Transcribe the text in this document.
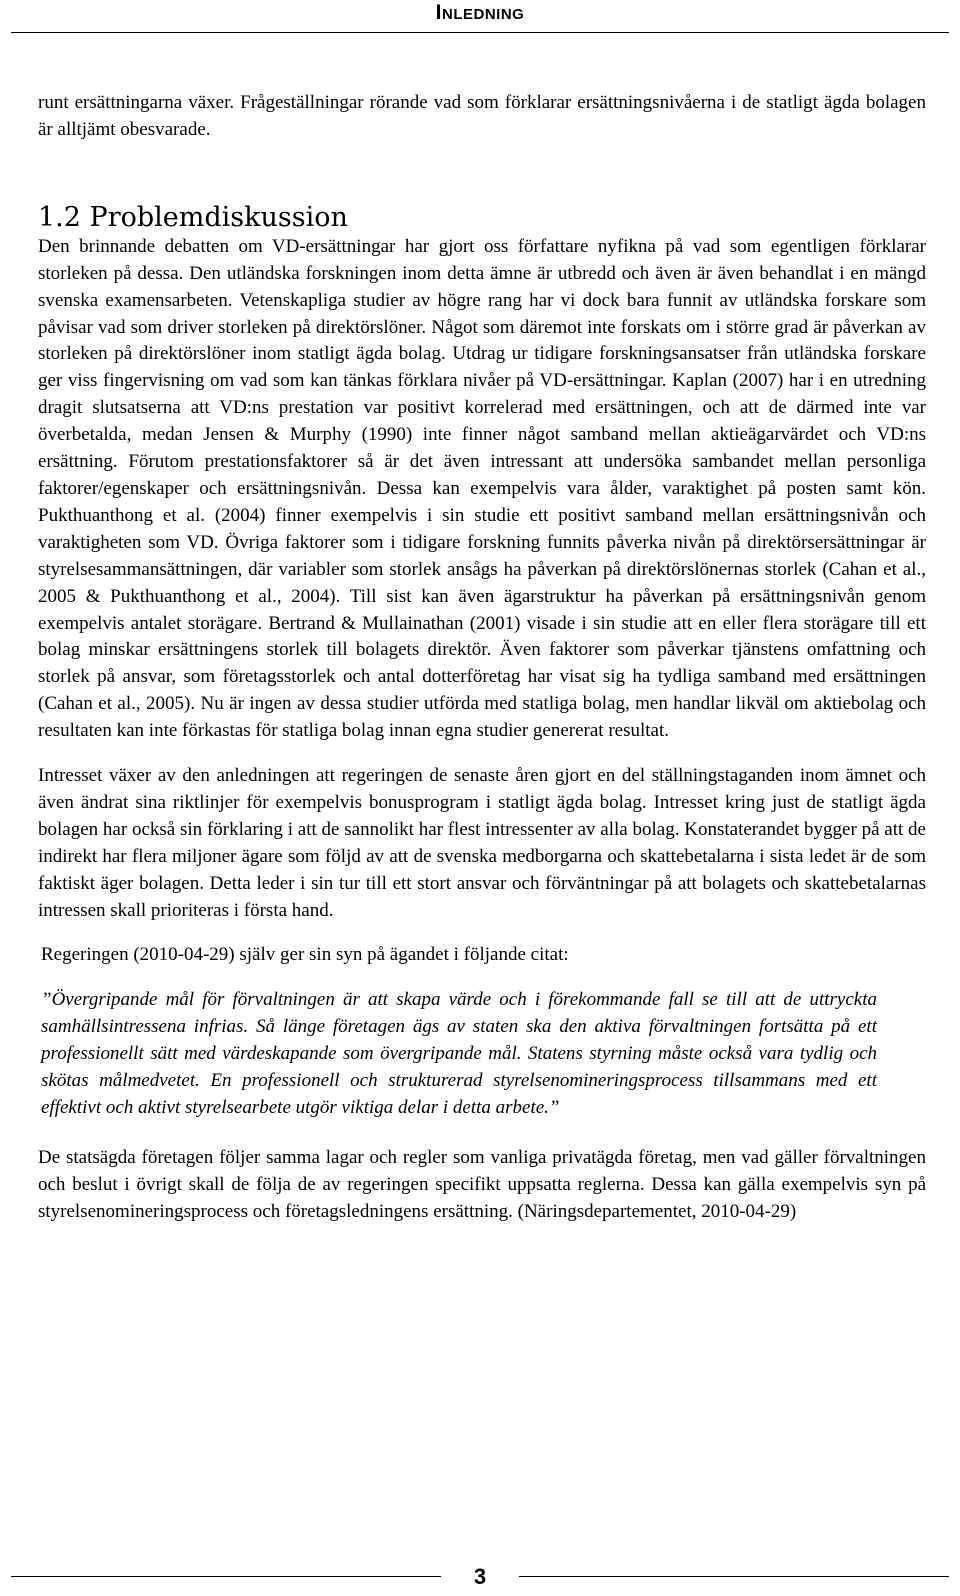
Inledning

runt ersättningarna växer. Frågeställningar rörande vad som förklarar ersättningsnivåerna i de statligt ägda bolagen är alltjämt obesvarade.

1.2 Problemdiskussion

Den brinnande debatten om VD-ersättningar har gjort oss författare nyfikna på vad som egentligen förklarar storleken på dessa. Den utländska forskningen inom detta ämne är utbredd och även är även behandlat i en mängd svenska examensarbeten. Vetenskapliga studier av högre rang har vi dock bara funnit av utländska forskare som påvisar vad som driver storleken på direktörslöner. Något som däremot inte forskats om i större grad är påverkan av storleken på direktörslöner inom statligt ägda bolag. Utdrag ur tidigare forskningsansatser från utländska forskare ger viss fingervisning om vad som kan tänkas förklara nivåer på VD-ersättningar. Kaplan (2007) har i en utredning dragit slutsatserna att VD:ns prestation var positivt korrelerad med ersättningen, och att de därmed inte var överbetalda, medan Jensen & Murphy (1990) inte finner något samband mellan aktieägarvärdet och VD:ns ersättning. Förutom prestationsfaktorer så är det även intressant att undersöka sambandet mellan personliga faktorer/egenskaper och ersättningsnivån. Dessa kan exempelvis vara ålder, varaktighet på posten samt kön. Pukthuanthong et al. (2004) finner exempelvis i sin studie ett positivt samband mellan ersättningsnivån och varaktigheten som VD. Övriga faktorer som i tidigare forskning funnits påverka nivån på direktörsersättningar är styrelsesammansättningen, där variabler som storlek ansågs ha påverkan på direktörslönernas storlek (Cahan et al., 2005 & Pukthuanthong et al., 2004). Till sist kan även ägarstruktur ha påverkan på ersättningsnivån genom exempelvis antalet storägare. Bertrand & Mullainathan (2001) visade i sin studie att en eller flera storägare till ett bolag minskar ersättningens storlek till bolagets direktör. Även faktorer som påverkar tjänstens omfattning och storlek på ansvar, som företagsstorlek och antal dotterföretag har visat sig ha tydliga samband med ersättningen (Cahan et al., 2005). Nu är ingen av dessa studier utförda med statliga bolag, men handlar likväl om aktiebolag och resultaten kan inte förkastas för statliga bolag innan egna studier genererat resultat.

Intresset växer av den anledningen att regeringen de senaste åren gjort en del ställningstaganden inom ämnet och även ändrat sina riktlinjer för exempelvis bonusprogram i statligt ägda bolag. Intresset kring just de statligt ägda bolagen har också sin förklaring i att de sannolikt har flest intressenter av alla bolag. Konstaterandet bygger på att de indirekt har flera miljoner ägare som följd av att de svenska medborgarna och skattebetalarna i sista ledet är de som faktiskt äger bolagen. Detta leder i sin tur till ett stort ansvar och förväntningar på att bolagets och skattebetalarnas intressen skall prioriteras i första hand.

Regeringen (2010-04-29) själv ger sin syn på ägandet i följande citat:

”Övergripande mål för förvaltningen är att skapa värde och i förekommande fall se till att de uttryckta samhällsintressena infrias. Så länge företagen ägs av staten ska den aktiva förvaltningen fortsätta på ett professionellt sätt med värdeskapande som övergripande mål. Statens styrning måste också vara tydlig och skötas målmedvetet. En professionell och strukturerad styrelsenomineringsprocess tillsammans med ett effektivt och aktivt styrelsearbete utgör viktiga delar i detta arbete.”

De statsägda företagen följer samma lagar och regler som vanliga privatägda företag, men vad gäller förvaltningen och beslut i övrigt skall de följa de av regeringen specifikt uppsatta reglerna. Dessa kan gälla exempelvis syn på styrelsenomineringsprocess och företagsledningens ersättning. (Näringsdepartementet, 2010-04-29)

3
